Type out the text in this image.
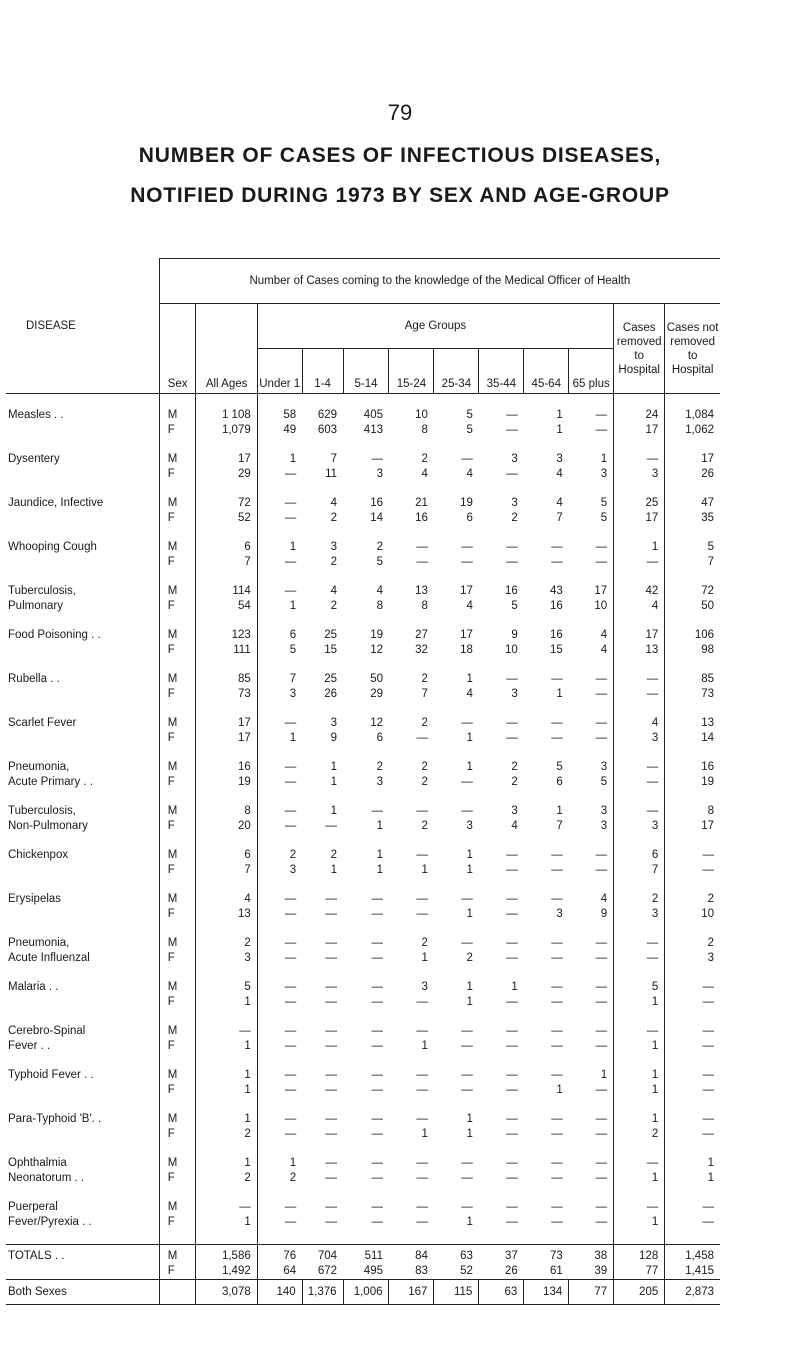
79
NUMBER OF CASES OF INFECTIOUS DISEASES,
NOTIFIED DURING 1973 BY SEX AND AGE-GROUP
DISEASE	Number of Cases coming to the knowledge of the Medical Officer of Health											
	Sex	All Ages	Age Groups								Cases removed to Hospital	Cases not removed to Hospital
			Under 1	1-4	5-14	15-24	25-34	35-44	45-64	65 plus		

Measles . .	M	1 108	58	629	405	10	5	—	1	—	24	1,084
	F	1,079	49	603	413	8	5	—	1	—	17	1,062

Dysentery	M	17	1	7	—	2	—	3	3	1	—	17
	F	29	—	11	3	4	4	—	4	3	3	26

Jaundice, Infective	M	72	—	4	16	21	19	3	4	5	25	47
	F	52	—	2	14	16	6	2	7	5	17	35

Whooping Cough	M	6	1	3	2	—	—	—	—	—	1	5
	F	7	—	2	5	—	—	—	—	—	—	7

Tuberculosis,	M	114	—	4	4	13	17	16	43	17	42	72
Pulmonary	F	54	1	2	8	8	4	5	16	10	4	50

Food Poisoning . .	M	123	6	25	19	27	17	9	16	4	17	106
	F	111	5	15	12	32	18	10	15	4	13	98

Rubella . .	M	85	7	25	50	2	1	—	—	—	—	85
	F	73	3	26	29	7	4	3	1	—	—	73

Scarlet Fever	M	17	—	3	12	2	—	—	—	—	4	13
	F	17	1	9	6	—	1	—	—	—	3	14

Pneumonia,	M	16	—	1	2	2	1	2	5	3	—	16
Acute Primary . .	F	19	—	1	3	2	—	2	6	5	—	19

Tuberculosis,	M	8	—	1	—	—	—	3	1	3	—	8
Non-Pulmonary	F	20	—	—	1	2	3	4	7	3	3	17

Chickenpox	M	6	2	2	1	—	1	—	—	—	6	—
	F	7	3	1	1	1	1	—	—	—	7	—

Erysipelas	M	4	—	—	—	—	—	—	—	4	2	2
	F	13	—	—	—	—	1	—	3	9	3	10

Pneumonia,	M	2	—	—	—	2	—	—	—	—	—	2
Acute Influenzal	F	3	—	—	—	1	2	—	—	—	—	3

Malaria . .	M	5	—	—	—	3	1	1	—	—	5	—
	F	1	—	—	—	—	1	—	—	—	1	—

Cerebro-Spinal	M	—	—	—	—	—	—	—	—	—	—	—
Fever . .	F	1	—	—	—	1	—	—	—	—	1	—

Typhoid Fever . .	M	1	—	—	—	—	—	—	—	1	1	—
	F	1	—	—	—	—	—	—	1	—	1	—

Para-Typhoid 'B'. .	M	1	—	—	—	—	1	—	—	—	1	—
	F	2	—	—	—	1	1	—	—	—	2	—

Ophthalmia	M	1	1	—	—	—	—	—	—	—	—	1
Neonatorum . .	F	2	2	—	—	—	—	—	—	—	1	1

Puerperal	M	—	—	—	—	—	—	—	—	—	—	—
Fever/Pyrexia . .	F	1	—	—	—	—	1	—	—	—	1	—

TOTALS . .	M	1,586	76	704	511	84	63	37	73	38	128	1,458
	F	1,492	64	672	495	83	52	26	61	39	77	1,415
Both Sexes		3,078	140	1,376	1,006	167	115	63	134	77	205	2,873
